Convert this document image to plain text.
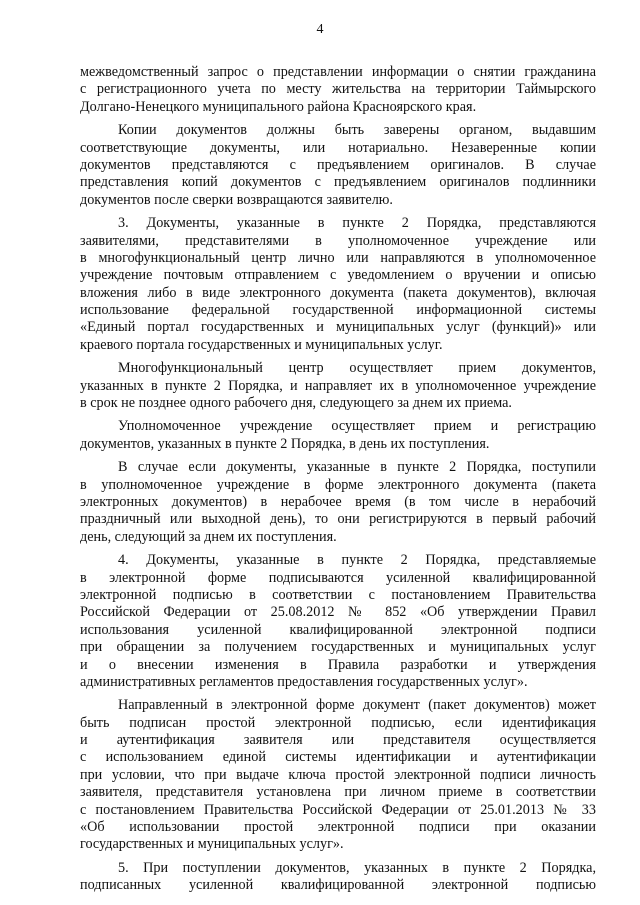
4
межведомственный запрос о представлении информации о снятии гражданина
с регистрационного учета по месту жительства на территории Таймырского
Долгано-Ненецкого муниципального района Красноярского края.
Копии документов должны быть заверены органом, выдавшим
соответствующие документы, или нотариально. Незаверенные копии
документов представляются с предъявлением оригиналов. В случае
представления копий документов с предъявлением оригиналов подлинники
документов после сверки возвращаются заявителю.
3. Документы, указанные в пункте 2 Порядка, представляются
заявителями, представителями в уполномоченное учреждение или
в многофункциональный центр лично или направляются в уполномоченное
учреждение почтовым отправлением с уведомлением о вручении и описью
вложения либо в виде электронного документа (пакета документов), включая
использование федеральной государственной информационной системы
«Единый портал государственных и муниципальных услуг (функций)» или
краевого портала государственных и муниципальных услуг.
Многофункциональный центр осуществляет прием документов,
указанных в пункте 2 Порядка, и направляет их в уполномоченное учреждение
в срок не позднее одного рабочего дня, следующего за днем их приема.
Уполномоченное учреждение осуществляет прием и регистрацию
документов, указанных в пункте 2 Порядка, в день их поступления.
В случае если документы, указанные в пункте 2 Порядка, поступили
в уполномоченное учреждение в форме электронного документа (пакета
электронных документов) в нерабочее время (в том числе в нерабочий
праздничный или выходной день), то они регистрируются в первый рабочий
день, следующий за днем их поступления.
4. Документы, указанные в пункте 2 Порядка, представляемые
в электронной форме подписываются усиленной квалифицированной
электронной подписью в соответствии с постановлением Правительства
Российской Федерации от 25.08.2012 № 852 «Об утверждении Правил
использования усиленной квалифицированной электронной подписи
при обращении за получением государственных и муниципальных услуг
и о внесении изменения в Правила разработки и утверждения
административных регламентов предоставления государственных услуг».
Направленный в электронной форме документ (пакет документов) может
быть подписан простой электронной подписью, если идентификация
и аутентификация заявителя или представителя осуществляется
с использованием единой системы идентификации и аутентификации
при условии, что при выдаче ключа простой электронной подписи личность
заявителя, представителя установлена при личном приеме в соответствии
с постановлением Правительства Российской Федерации от 25.01.2013 № 33
«Об использовании простой электронной подписи при оказании
государственных и муниципальных услуг».
5. При поступлении документов, указанных в пункте 2 Порядка,
подписанных усиленной квалифицированной электронной подписью
